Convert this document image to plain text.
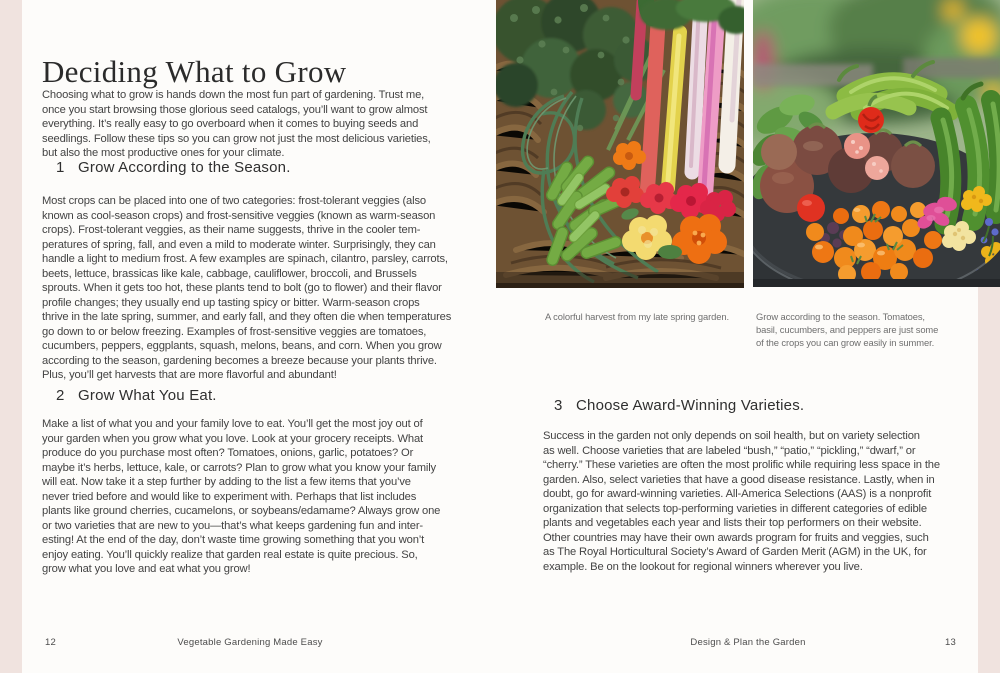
Deciding What to Grow

Choosing what to grow is hands down the most fun part of gardening. Trust me,
once you start browsing those glorious seed catalogs, you’ll want to grow almost
everything. It’s really easy to go overboard when it comes to buying seeds and
seedlings. Follow these tips so you can grow not just the most delicious varieties,
but also the most productive ones for your climate.

1 Grow According to the Season.

Most crops can be placed into one of two categories: frost-tolerant veggies (also
known as cool-season crops) and frost-sensitive veggies (known as warm-season
crops). Frost-tolerant veggies, as their name suggests, thrive in the cooler tem-
peratures of spring, fall, and even a mild to moderate winter. Surprisingly, they can
handle a light to medium frost. A few examples are spinach, cilantro, parsley, carrots,
beets, lettuce, brassicas like kale, cabbage, cauliflower, broccoli, and Brussels
sprouts. When it gets too hot, these plants tend to bolt (go to flower) and their flavor
profile changes; they usually end up tasting spicy or bitter. Warm-season crops
thrive in the late spring, summer, and early fall, and they often die when temperatures
go down to or below freezing. Examples of frost-sensitive veggies are tomatoes,
cucumbers, peppers, eggplants, squash, melons, beans, and corn. When you grow
according to the season, gardening becomes a breeze because your plants thrive.
Plus, you’ll get harvests that are more flavorful and abundant!

2 Grow What You Eat.

Make a list of what you and your family love to eat. You’ll get the most joy out of
your garden when you grow what you love. Look at your grocery receipts. What
produce do you purchase most often? Tomatoes, onions, garlic, potatoes? Or
maybe it’s herbs, lettuce, kale, or carrots? Plan to grow what you know your family
will eat. Now take it a step further by adding to the list a few items that you’ve
never tried before and would like to experiment with. Perhaps that list includes
plants like ground cherries, cucamelons, or soybeans/edamame? Always grow one
or two varieties that are new to you—that’s what keeps gardening fun and inter-
esting! At the end of the day, don’t waste time growing something that you won’t
enjoy eating. You’ll quickly realize that garden real estate is quite precious. So,
grow what you love and eat what you grow!

12	Vegetable Gardening Made Easy

A colorful harvest from my late spring garden.	Grow according to the season. Tomatoes,
basil, cucumbers, and peppers are just some
of the crops you can grow easily in summer.

3 Choose Award-Winning Varieties.

Success in the garden not only depends on soil health, but on variety selection
as well. Choose varieties that are labeled “bush,” “patio,” “pickling,” “dwarf,” or
“cherry.” These varieties are often the most prolific while requiring less space in the
garden. Also, select varieties that have a good disease resistance. Lastly, when in
doubt, go for award-winning varieties. All-America Selections (AAS) is a nonprofit
organization that selects top-performing varieties in different categories of edible
plants and vegetables each year and lists their top performers on their website.
Other countries may have their own awards program for fruits and veggies, such
as The Royal Horticultural Society’s Award of Garden Merit (AGM) in the UK, for
example. Be on the lookout for regional winners wherever you live.

Design & Plan the Garden	13
